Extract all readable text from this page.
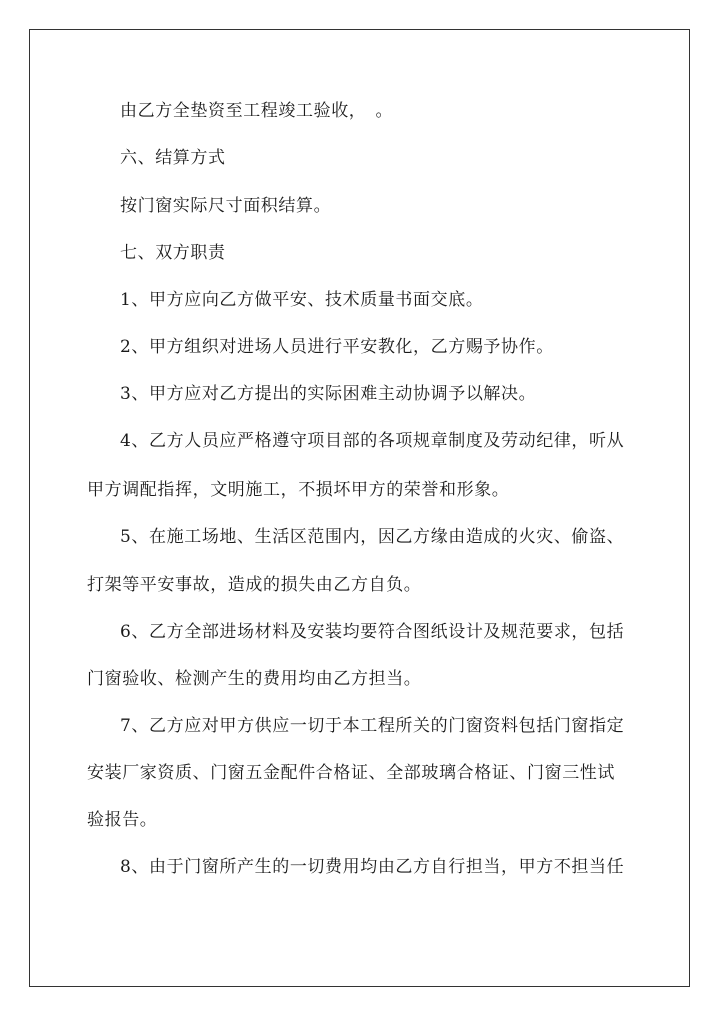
由乙方全垫资至工程竣工验收，　。
六、结算方式
按门窗实际尺寸面积结算。
七、双方职责
1、甲方应向乙方做平安、技术质量书面交底。
2、甲方组织对进场人员进行平安教化，乙方赐予协作。
3、甲方应对乙方提出的实际困难主动协调予以解决。
4、乙方人员应严格遵守项目部的各项规章制度及劳动纪律，听从
甲方调配指挥，文明施工，不损坏甲方的荣誉和形象。
5、在施工场地、生活区范围内，因乙方缘由造成的火灾、偷盗、
打架等平安事故，造成的损失由乙方自负。
6、乙方全部进场材料及安装均要符合图纸设计及规范要求，包括
门窗验收、检测产生的费用均由乙方担当。
7、乙方应对甲方供应一切于本工程所关的门窗资料包括门窗指定
安装厂家资质、门窗五金配件合格证、全部玻璃合格证、门窗三性试
验报告。
8、由于门窗所产生的一切费用均由乙方自行担当，甲方不担当任
